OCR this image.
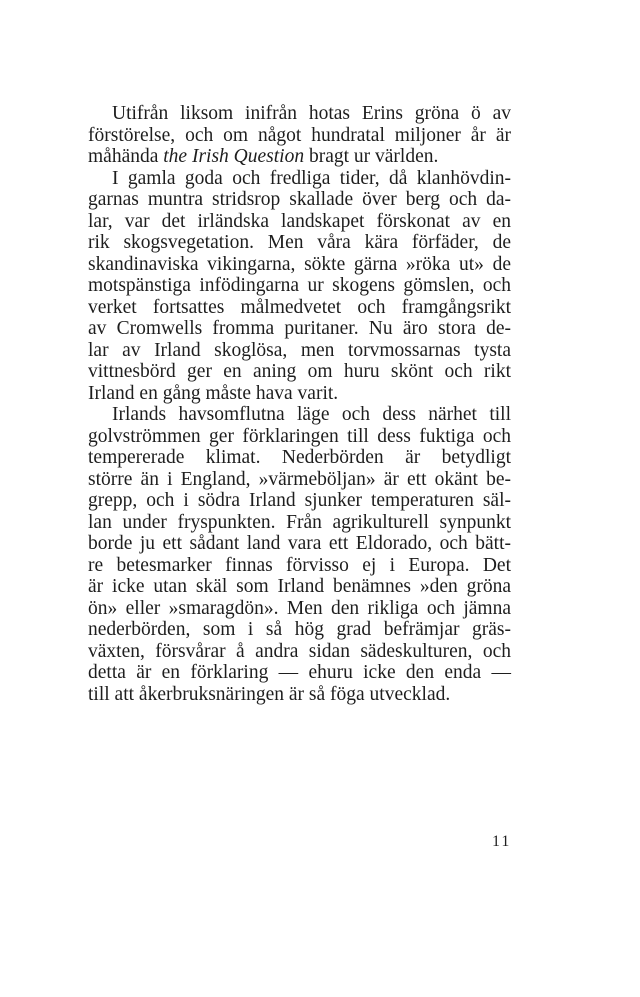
Utifrån liksom inifrån hotas Erins gröna ö av
förstörelse, och om något hundratal miljoner år är
måhända the Irish Question bragt ur världen.
I gamla goda och fredliga tider, då klanhövdin-
garnas muntra stridsrop skallade över berg och da-
lar, var det irländska landskapet förskonat av en
rik skogsvegetation. Men våra kära förfäder, de
skandinaviska vikingarna, sökte gärna »röka ut» de
motspänstiga infödingarna ur skogens gömslen, och
verket fortsattes målmedvetet och framgångsrikt
av Cromwells fromma puritaner. Nu äro stora de-
lar av Irland skoglösa, men torvmossarnas tysta
vittnesbörd ger en aning om huru skönt och rikt
Irland en gång måste hava varit.
Irlands havsomflutna läge och dess närhet till
golvströmmen ger förklaringen till dess fuktiga och
tempererade klimat. Nederbörden är betydligt
större än i England, »värmeböljan» är ett okänt be-
grepp, och i södra Irland sjunker temperaturen säl-
lan under fryspunkten. Från agrikulturell synpunkt
borde ju ett sådant land vara ett Eldorado, och bätt-
re betesmarker finnas förvisso ej i Europa. Det
är icke utan skäl som Irland benämnes »den gröna
ön» eller »smaragdön». Men den rikliga och jämna
nederbörden, som i så hög grad befrämjar gräs-
växten, försvårar å andra sidan sädeskulturen, och
detta är en förklaring — ehuru icke den enda —
till att åkerbruksnäringen är så föga utvecklad.
11
